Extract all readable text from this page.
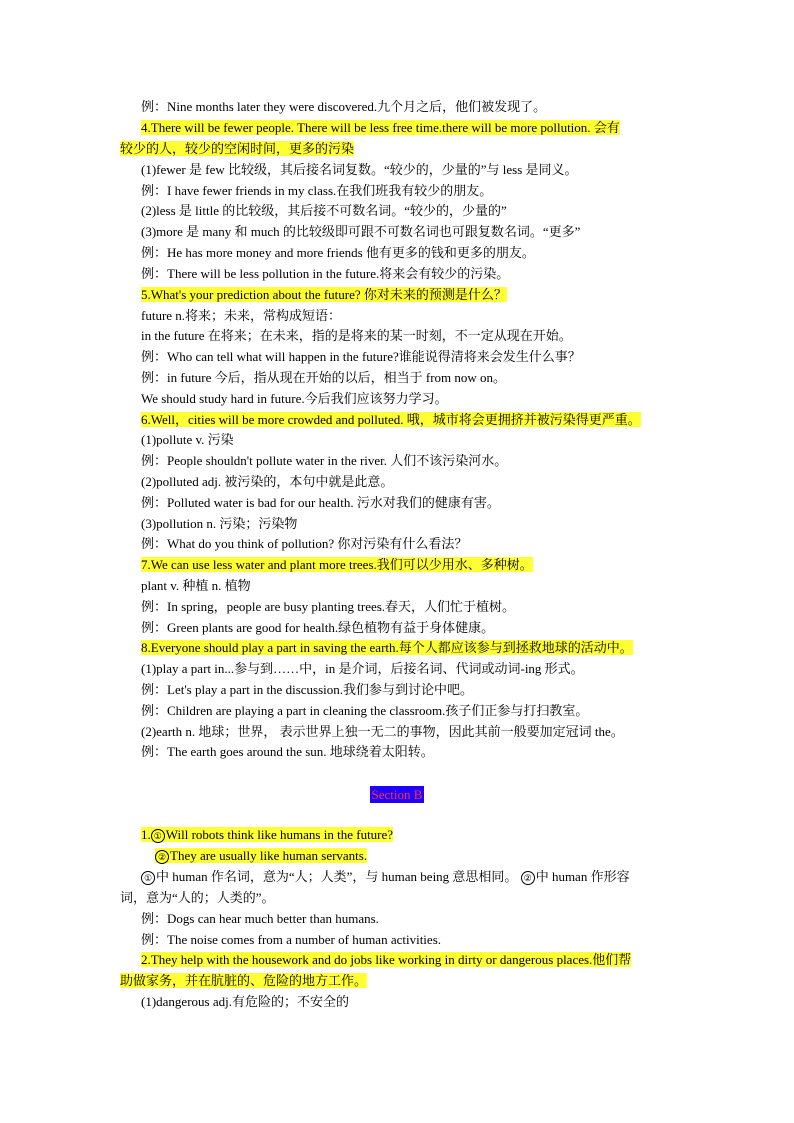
例：Nine months later they were discovered.九个月之后，他们被发现了。
4.There will be fewer people. There will be less free time.there will be more pollution. 会有
较少的人，较少的空闲时间，更多的污染
(1)fewer 是 few 比较级，其后接名词复数。“较少的，少量的”与 less 是同义。
例：I have fewer friends in my class.在我们班我有较少的朋友。
(2)less 是 little 的比较级，其后接不可数名词。“较少的，少量的”
(3)more 是 many 和 much 的比较级即可跟不可数名词也可跟复数名词。“更多”
例：He has more money and more friends 他有更多的钱和更多的朋友。
例：There will be less pollution in the future.将来会有较少的污染。
5.What's your prediction about the future? 你对未来的预测是什么？
future n.将来；未来，常构成短语：
in the future 在将来；在未来，指的是将来的某一时刻，不一定从现在开始。
例：Who can tell what will happen in the future?谁能说得清将来会发生什么事？
例：in future 今后，指从现在开始的以后，相当于 from now on。
We should study hard in future.今后我们应该努力学习。
6.Well，cities will be more crowded and polluted. 哦，城市将会更拥挤并被污染得更严重。
(1)pollute v. 污染
例：People shouldn't pollute water in the river. 人们不该污染河水。
(2)polluted adj. 被污染的，本句中就是此意。
例：Polluted water is bad for our health. 污水对我们的健康有害。
(3)pollution n. 污染；污染物
例：What do you think of pollution? 你对污染有什么看法？
7.We can use less water and plant more trees.我们可以少用水、多种树。
plant v. 种植 n. 植物
例：In spring，people are busy planting trees.春天，人们忙于植树。
例：Green plants are good for health.绿色植物有益于身体健康。
8.Everyone should play a part in saving the earth.每个人都应该参与到拯救地球的活动中。
(1)play a part in...参与到……中，in 是介词，后接名词、代词或动词-ing 形式。
例：Let's play a part in the discussion.我们参与到讨论中吧。
例：Children are playing a part in cleaning the classroom.孩子们正参与打扫教室。
(2)earth n. 地球；世界， 表示世界上独一无二的事物，因此其前一般要加定冠词 the。
例：The earth goes around the sun. 地球绕着太阳转。
Section B
1. ① Will robots think like humans in the future?
② They are usually like human servants.
① 中 human 作名词，意为“人；人类”，与 human being 意思相同。 ② 中 human 作形容
词，意为“人的；人类的”。
例：Dogs can hear much better than humans.
例：The noise comes from a number of human activities.
2.They help with the housework and do jobs like working in dirty or dangerous places.他们帮
助做家务，并在肮脏的、危险的地方工作。
(1)dangerous adj.有危险的；不安全的
